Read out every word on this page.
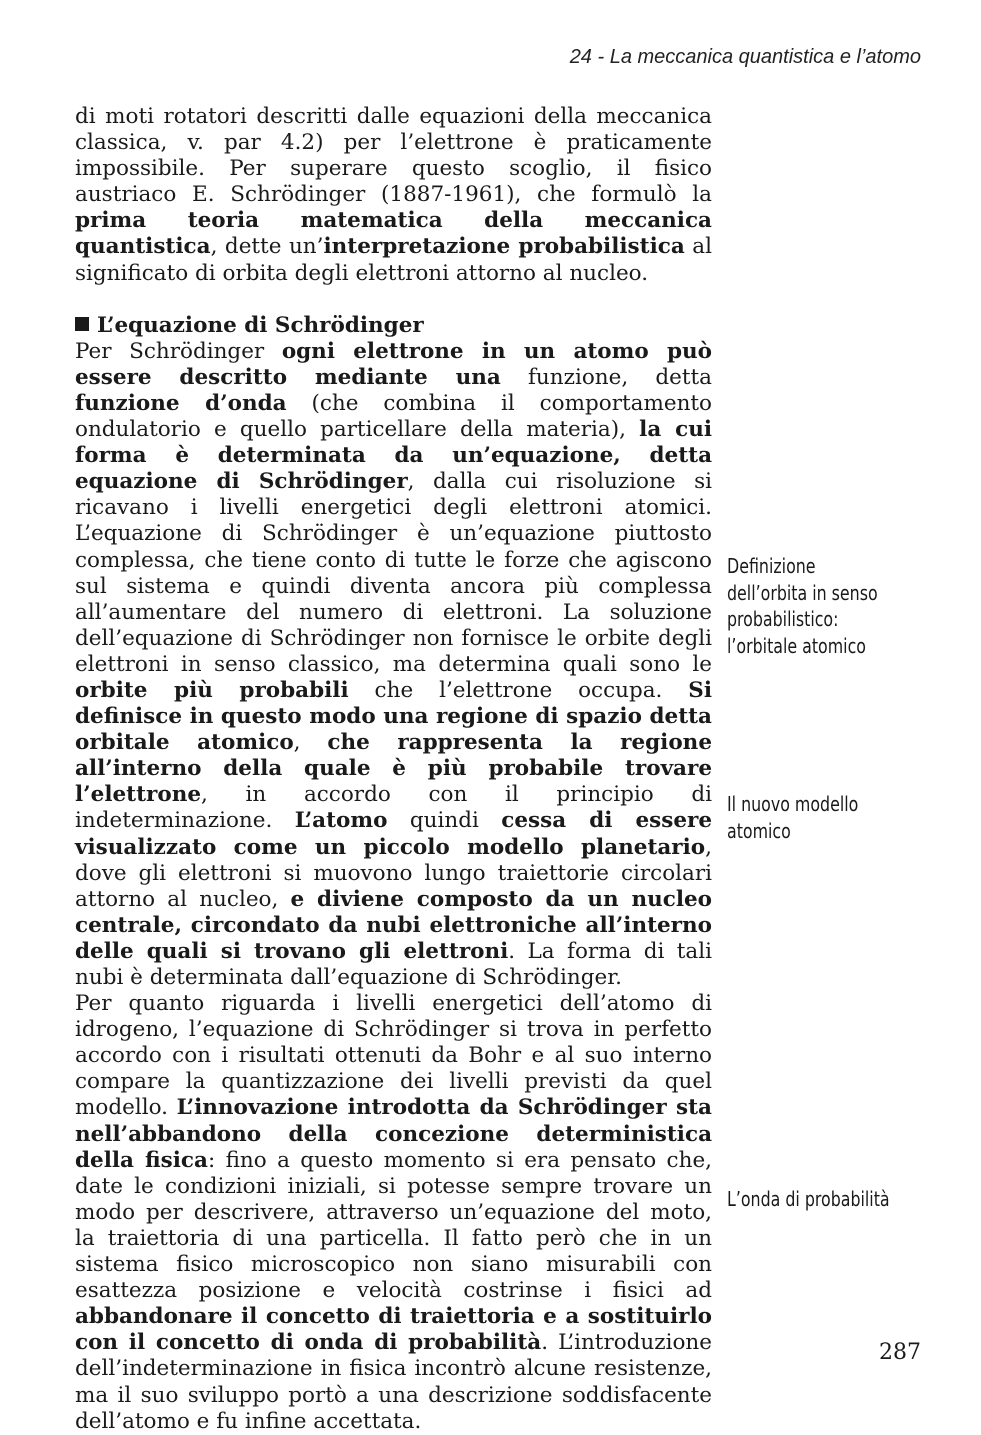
24 - La meccanica quantistica e l’atomo

di moti rotatori descritti dalle equazioni della meccanica classica, v. par 4.2) per l’elettrone è praticamente impossibile. Per superare questo scoglio, il fisico austriaco E. Schrödinger (1887-1961), che formulò la prima teoria matematica della meccanica quantistica, dette un’interpretazione probabilistica al significato di orbita degli elettroni attorno al nucleo.

L’equazione di Schrödinger

Per Schrödinger ogni elettrone in un atomo può essere descritto mediante una funzione, detta funzione d’onda (che combina il comportamento ondulatorio e quello particellare della materia), la cui forma è determinata da un’equazione, detta equazione di Schrödinger, dalla cui risoluzione si ricavano i livelli energetici degli elettroni atomici. L’equazione di Schrödinger è un’equazione piuttosto complessa, che tiene conto di tutte le forze che agiscono sul sistema e quindi diventa ancora più complessa all’aumentare del numero di elettroni. La soluzione dell’equazione di Schrödinger non fornisce le orbite degli elettroni in senso classico, ma determina quali sono le orbite più probabili che l’elettrone occupa. Si definisce in questo modo una regione di spazio detta orbitale atomico, che rappresenta la regione all’interno della quale è più probabile trovare l’elettrone, in accordo con il principio di indeterminazione. L’atomo quindi cessa di essere visualizzato come un piccolo modello planetario, dove gli elettroni si muovono lungo traiettorie circolari attorno al nucleo, e diviene composto da un nucleo centrale, circondato da nubi elettroniche all’interno delle quali si trovano gli elettroni. La forma di tali nubi è determinata dall’equazione di Schrödinger.

Per quanto riguarda i livelli energetici dell’atomo di idrogeno, l’equazione di Schrödinger si trova in perfetto accordo con i risultati ottenuti da Bohr e al suo interno compare la quantizzazione dei livelli previsti da quel modello. L’innovazione introdotta da Schrödinger sta nell’abbandono della concezione deterministica della fisica: fino a questo momento si era pensato che, date le condizioni iniziali, si potesse sempre trovare un modo per descrivere, attraverso un’equazione del moto, la traiettoria di una particella. Il fatto però che in un sistema fisico microscopico non siano misurabili con esattezza posizione e velocità costrinse i fisici ad abbandonare il concetto di traiettoria e a sostituirlo con il concetto di onda di probabilità. L’introduzione dell’indeterminazione in fisica incontrò alcune resistenze, ma il suo sviluppo portò a una descrizione soddisfacente dell’atomo e fu infine accettata.

Definizione
dell’orbita in senso
probabilistico:
l’orbitale atomico
Il nuovo modello
atomico
L’onda di probabilità
287
